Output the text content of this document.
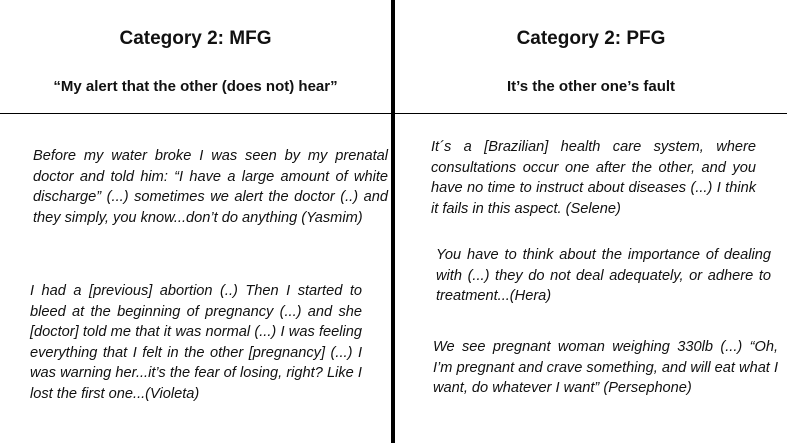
Category 2: MFG
“My alert that the other (does not) hear”
Category 2: PFG
It’s the other one’s fault

Before my water broke I was seen by my prenatal doctor and told him: “I have a large amount of white discharge” (...) sometimes we alert the doctor (..) and they simply, you know...don’t do anything (Yasmim)

I had a [previous] abortion (..) Then I started to bleed at the beginning of pregnancy (...) and she [doctor] told me that it was normal (...) I was feeling everything that I felt in the other [pregnancy] (...) I was warning her...it’s the fear of losing, right? Like I lost the first one...(Violeta)

It´s a [Brazilian] health care system, where consultations occur one after the other, and you have no time to instruct about diseases (...) I think it fails in this aspect. (Selene)

You have to think about the importance of dealing with (...) they do not deal adequately, or adhere to treatment...(Hera)

We see pregnant woman weighing 330lb (...) “Oh, I’m pregnant and crave something, and will eat what I want, do whatever I want” (Persephone)
